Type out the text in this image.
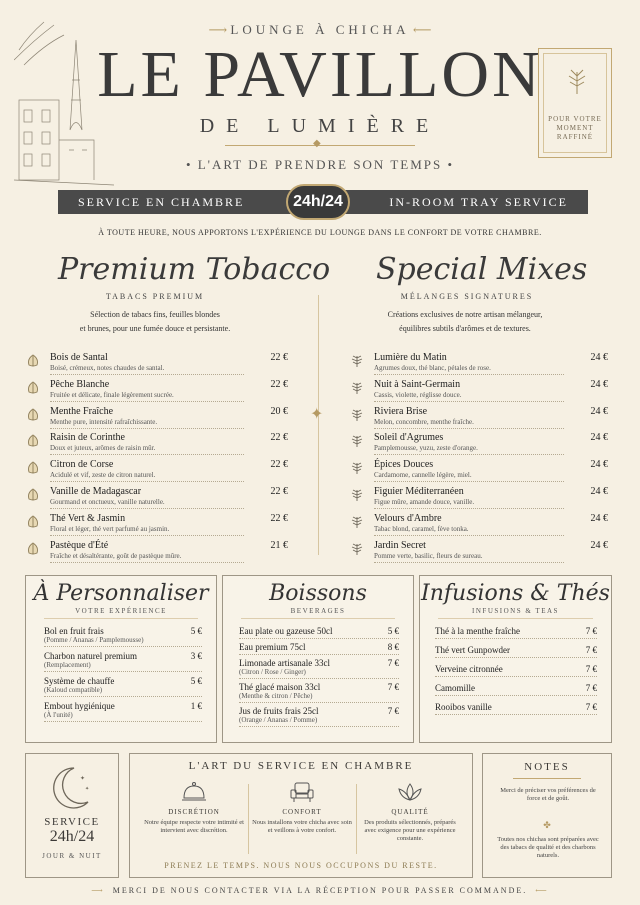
⟶ LOUNGE À CHICHA ⟵
LE PAVILLON
DE LUMIÈRE
◆
• L'ART DE PRENDRE SON TEMPS •
POUR VOTRE MOMENT RAFFINÉ
SERVICE EN CHAMBRE	24h/24	IN-ROOM TRAY SERVICE
À TOUTE HEURE, NOUS APPORTONS L'EXPÉRIENCE DU LOUNGE DANS LE CONFORT DE VOTRE CHAMBRE.
Premium Tobacco
TABACS PREMIUM
Sélection de tabacs fins, feuilles blondes
et brunes, pour une fumée douce et persistante.
Bois de Santal
Boisé, crémeux, notes chaudes de santal.
22 €
Pêche Blanche
Fruitée et délicate, finale légèrement sucrée.
22 €
Menthe Fraîche
Menthe pure, intensité rafraîchissante.
20 €
Raisin de Corinthe
Doux et juteux, arômes de raisin mûr.
22 €
Citron de Corse
Acidulé et vif, zeste de citron naturel.
22 €
Vanille de Madagascar
Gourmand et onctueux, vanille naturelle.
22 €
Thé Vert & Jasmin
Floral et léger, thé vert parfumé au jasmin.
22 €
Pastèque d'Été
Fraîche et désaltérante, goût de pastèque mûre.
21 €
✦
Special Mixes
MÉLANGES SIGNATURES
Créations exclusives de notre artisan mélangeur,
équilibres subtils d'arômes et de textures.
Lumière du Matin
Agrumes doux, thé blanc, pétales de rose.
24 €
Nuit à Saint-Germain
Cassis, violette, réglisse douce.
24 €
Riviera Brise
Melon, concombre, menthe fraîche.
24 €
Soleil d'Agrumes
Pamplemousse, yuzu, zeste d'orange.
24 €
Épices Douces
Cardamome, cannelle légère, miel.
24 €
Figuier Méditerranéen
Figue mûre, amande douce, vanille.
24 €
Velours d'Ambre
Tabac blond, caramel, fève tonka.
24 €
Jardin Secret
Pomme verte, basilic, fleurs de sureau.
24 €
À Personnaliser
VOTRE EXPÉRIENCE
Bol en fruit frais
(Pomme / Ananas / Pamplemousse)
5 €
Charbon naturel premium
(Remplacement)
3 €
Système de chauffe
(Kaloud compatible)
5 €
Embout hygiénique
(À l'unité)
1 €
Boissons
BEVERAGES
Eau plate ou gazeuse 50cl	5 €
Eau premium 75cl	8 €
Limonade artisanale 33cl
(Citron / Rose / Ginger)
7 €
Thé glacé maison 33cl
(Menthe & citron / Pêche)
7 €
Jus de fruits frais 25cl
(Orange / Ananas / Pomme)
7 €
Infusions & Thés
INFUSIONS & TEAS
Thé à la menthe fraîche	7 €
Thé vert Gunpowder	7 €
Verveine citronnée	7 €
Camomille	7 €
Rooibos vanille	7 €
✦
✦
SERVICE
24h/24
JOUR & NUIT
L'ART DU SERVICE EN CHAMBRE
DISCRÉTION
Notre équipe respecte votre intimité et intervient avec discrétion.
CONFORT
Nous installons votre chicha avec soin et veillons à votre confort.
QUALITÉ
Des produits sélectionnés, préparés avec exigence pour une expérience constante.
PRENEZ LE TEMPS. NOUS NOUS OCCUPONS DU RESTE.
NOTES
Merci de préciser vos préférences de force et de goût.
✤
Toutes nos chichas sont préparées avec des tabacs de qualité et des charbons naturels.
⟶  MERCI DE NOUS CONTACTER VIA LA RÉCEPTION POUR PASSER COMMANDE.  ⟵
